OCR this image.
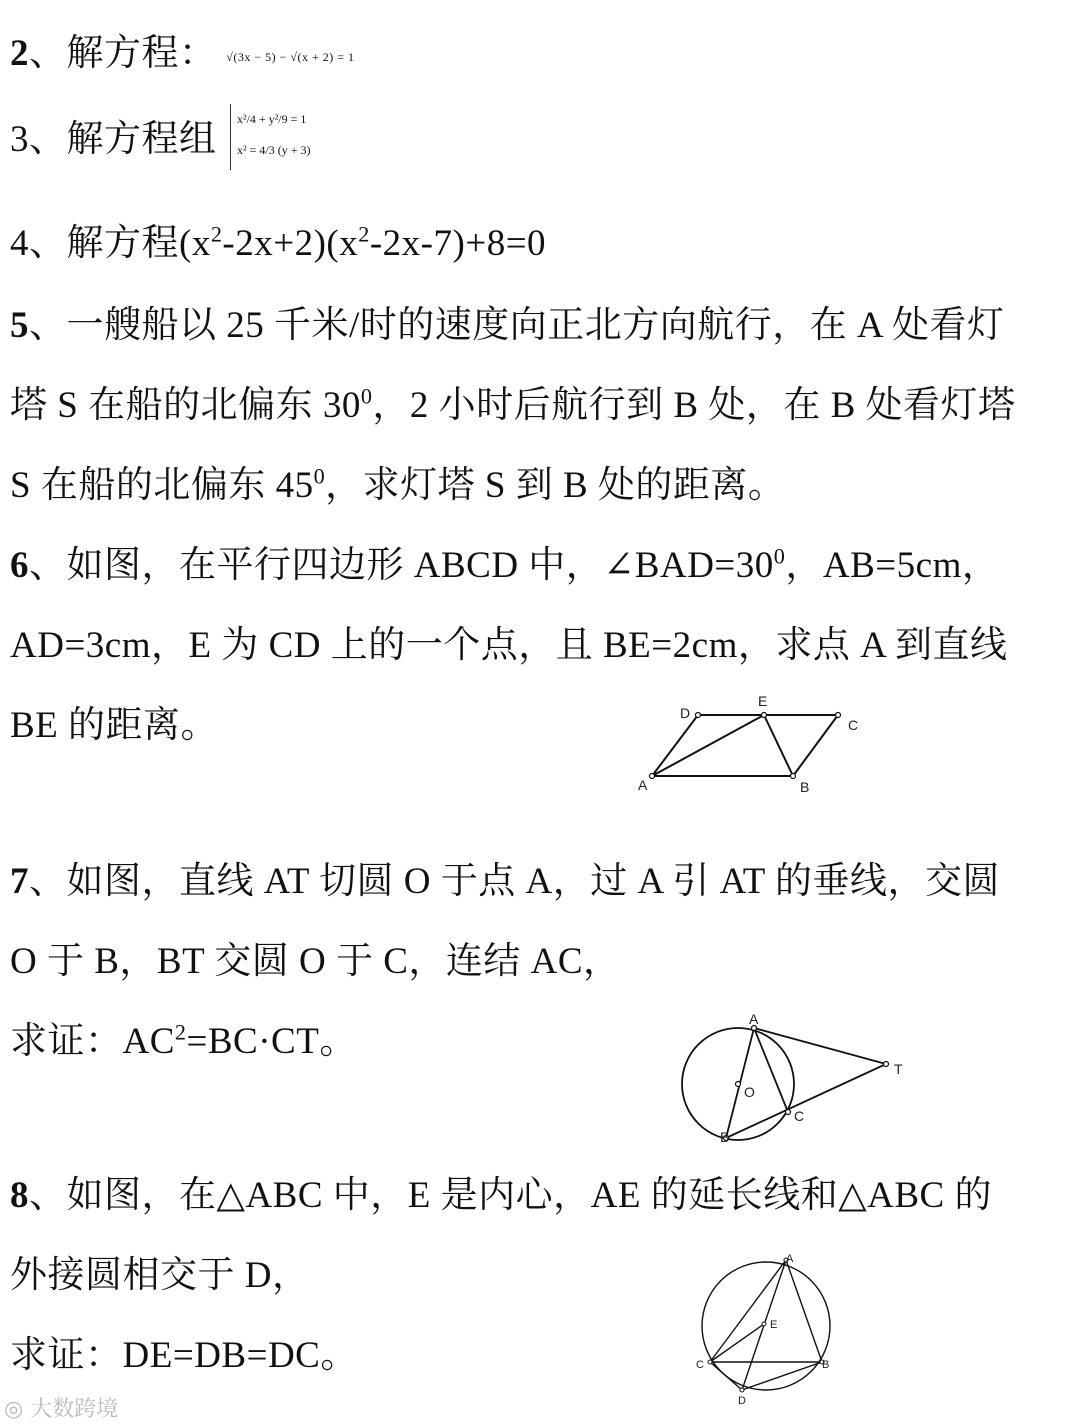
2、解方程： √(3x − 5) − √(x + 2) = 1
3、解方程组 x²/4 + y²/9 = 1
x² = 4/3 (y + 3)
4、解方程$(x^2-2x+2)(x^2-2x-7)+8=0$
5、一艘船以 25 千米/时的速度向正北方向航行，在 A 处看灯
塔 S 在船的北偏东 $30^0$，2 小时后航行到 B 处，在 B 处看灯塔
S 在船的北偏东 $45^0$，求灯塔 S 到 B 处的距离。
6、如图，在平行四边形 ABCD 中，$\angle BAD=30^0$，AB=5cm，
AD=3cm，E 为 CD 上的一个点，且 BE=2cm，求点 A 到直线
BE 的距离。
A
D
E
C
B
7、如图，直线 AT 切圆 O 于点 A，过 A 引 AT 的垂线，交圆
O 于 B，BT 交圆 O 于 C，连结 AC，
求证：$AC^2=BC\cdot CT$。
A
O
C
T
B
8、如图，在△ABC 中，E 是内心，AE 的延长线和△ABC 的
外接圆相交于 D，
求证：DE=DB=DC。
A
E
C	B
D
◎ 大数跨境
